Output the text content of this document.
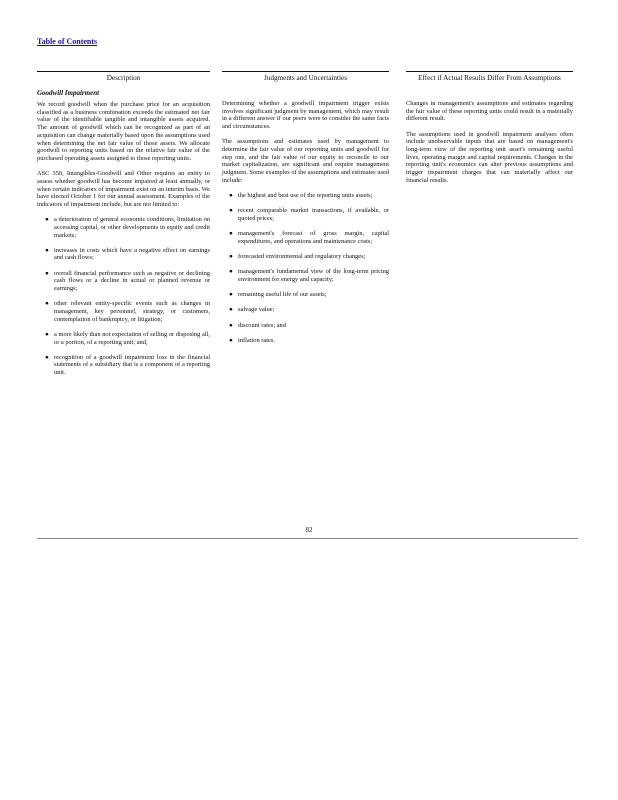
Table of Contents
Description
Goodwill Impairment

We record goodwill when the purchase price for an acquisition classified as a business combination exceeds the estimated net fair value of the identifiable tangible and intangible assets acquired. The amount of goodwill which can be recognized as part of an acquisition can change materially based upon the assumptions used when determining the net fair value of those assets. We allocate goodwill to reporting units based on the relative fair value of the purchased operating assets assigned to those reporting units.

ASC 350, Intangibles-Goodwill and Other requires an entity to assess whether goodwill has become impaired at least annually, or when certain indicators of impairment exist on an interim basis. We have elected October 1 for our annual assessment. Examples of the indicators of impairment include, but are not limited to:

● a deterioration of general economic conditions, limitation on accessing capital, or other developments in equity and credit markets;
● increases in costs which have a negative effect on earnings and cash flows;
● overall financial performance such as negative or declining cash flows or a decline in actual or planned revenue or earnings;
● other relevant entity-specific events such as changes in management, key personnel, strategy, or customers, contemplation of bankruptcy, or litigation;
● a more likely than not expectation of selling or disposing all, or a portion, of a reporting unit; and,
● recognition of a goodwill impairment loss in the financial statements of a subsidiary that is a component of a reporting unit.
Judgments and Uncertainties

Determining whether a goodwill impairment trigger exists involves significant judgment by management, which may result in a different answer if our peers were to consider the same facts and circumstances.

The assumptions and estimates used by management to determine the fair value of our reporting units and goodwill for step one, and the fair value of our equity to reconcile to our market capitalization, are significant and require management judgment. Some examples of the assumptions and estimates used include:

● the highest and best use of the reporting units assets;
● recent comparable market transactions, if available, or quoted prices;
● management's forecast of gross margin, capital expenditures, and operations and maintenance costs;
● forecasted environmental and regulatory changes;
● management's fundamental view of the long-term pricing environment for energy and capacity;
● remaining useful life of our assets;
● salvage value;
● discount rates; and
● inflation rates.
Effect if Actual Results Differ From Assumptions

Changes in management's assumptions and estimates regarding the fair value of these reporting units could result in a materially different result.

The assumptions used in goodwill impairment analyses often include unobservable inputs that are based on management's long-term view of the reporting unit asset's remaining useful lives, operating margin and capital requirements. Changes in the reporting unit's economics can alter previous assumptions and trigger impairment charges that can materially affect our financial results.

82
